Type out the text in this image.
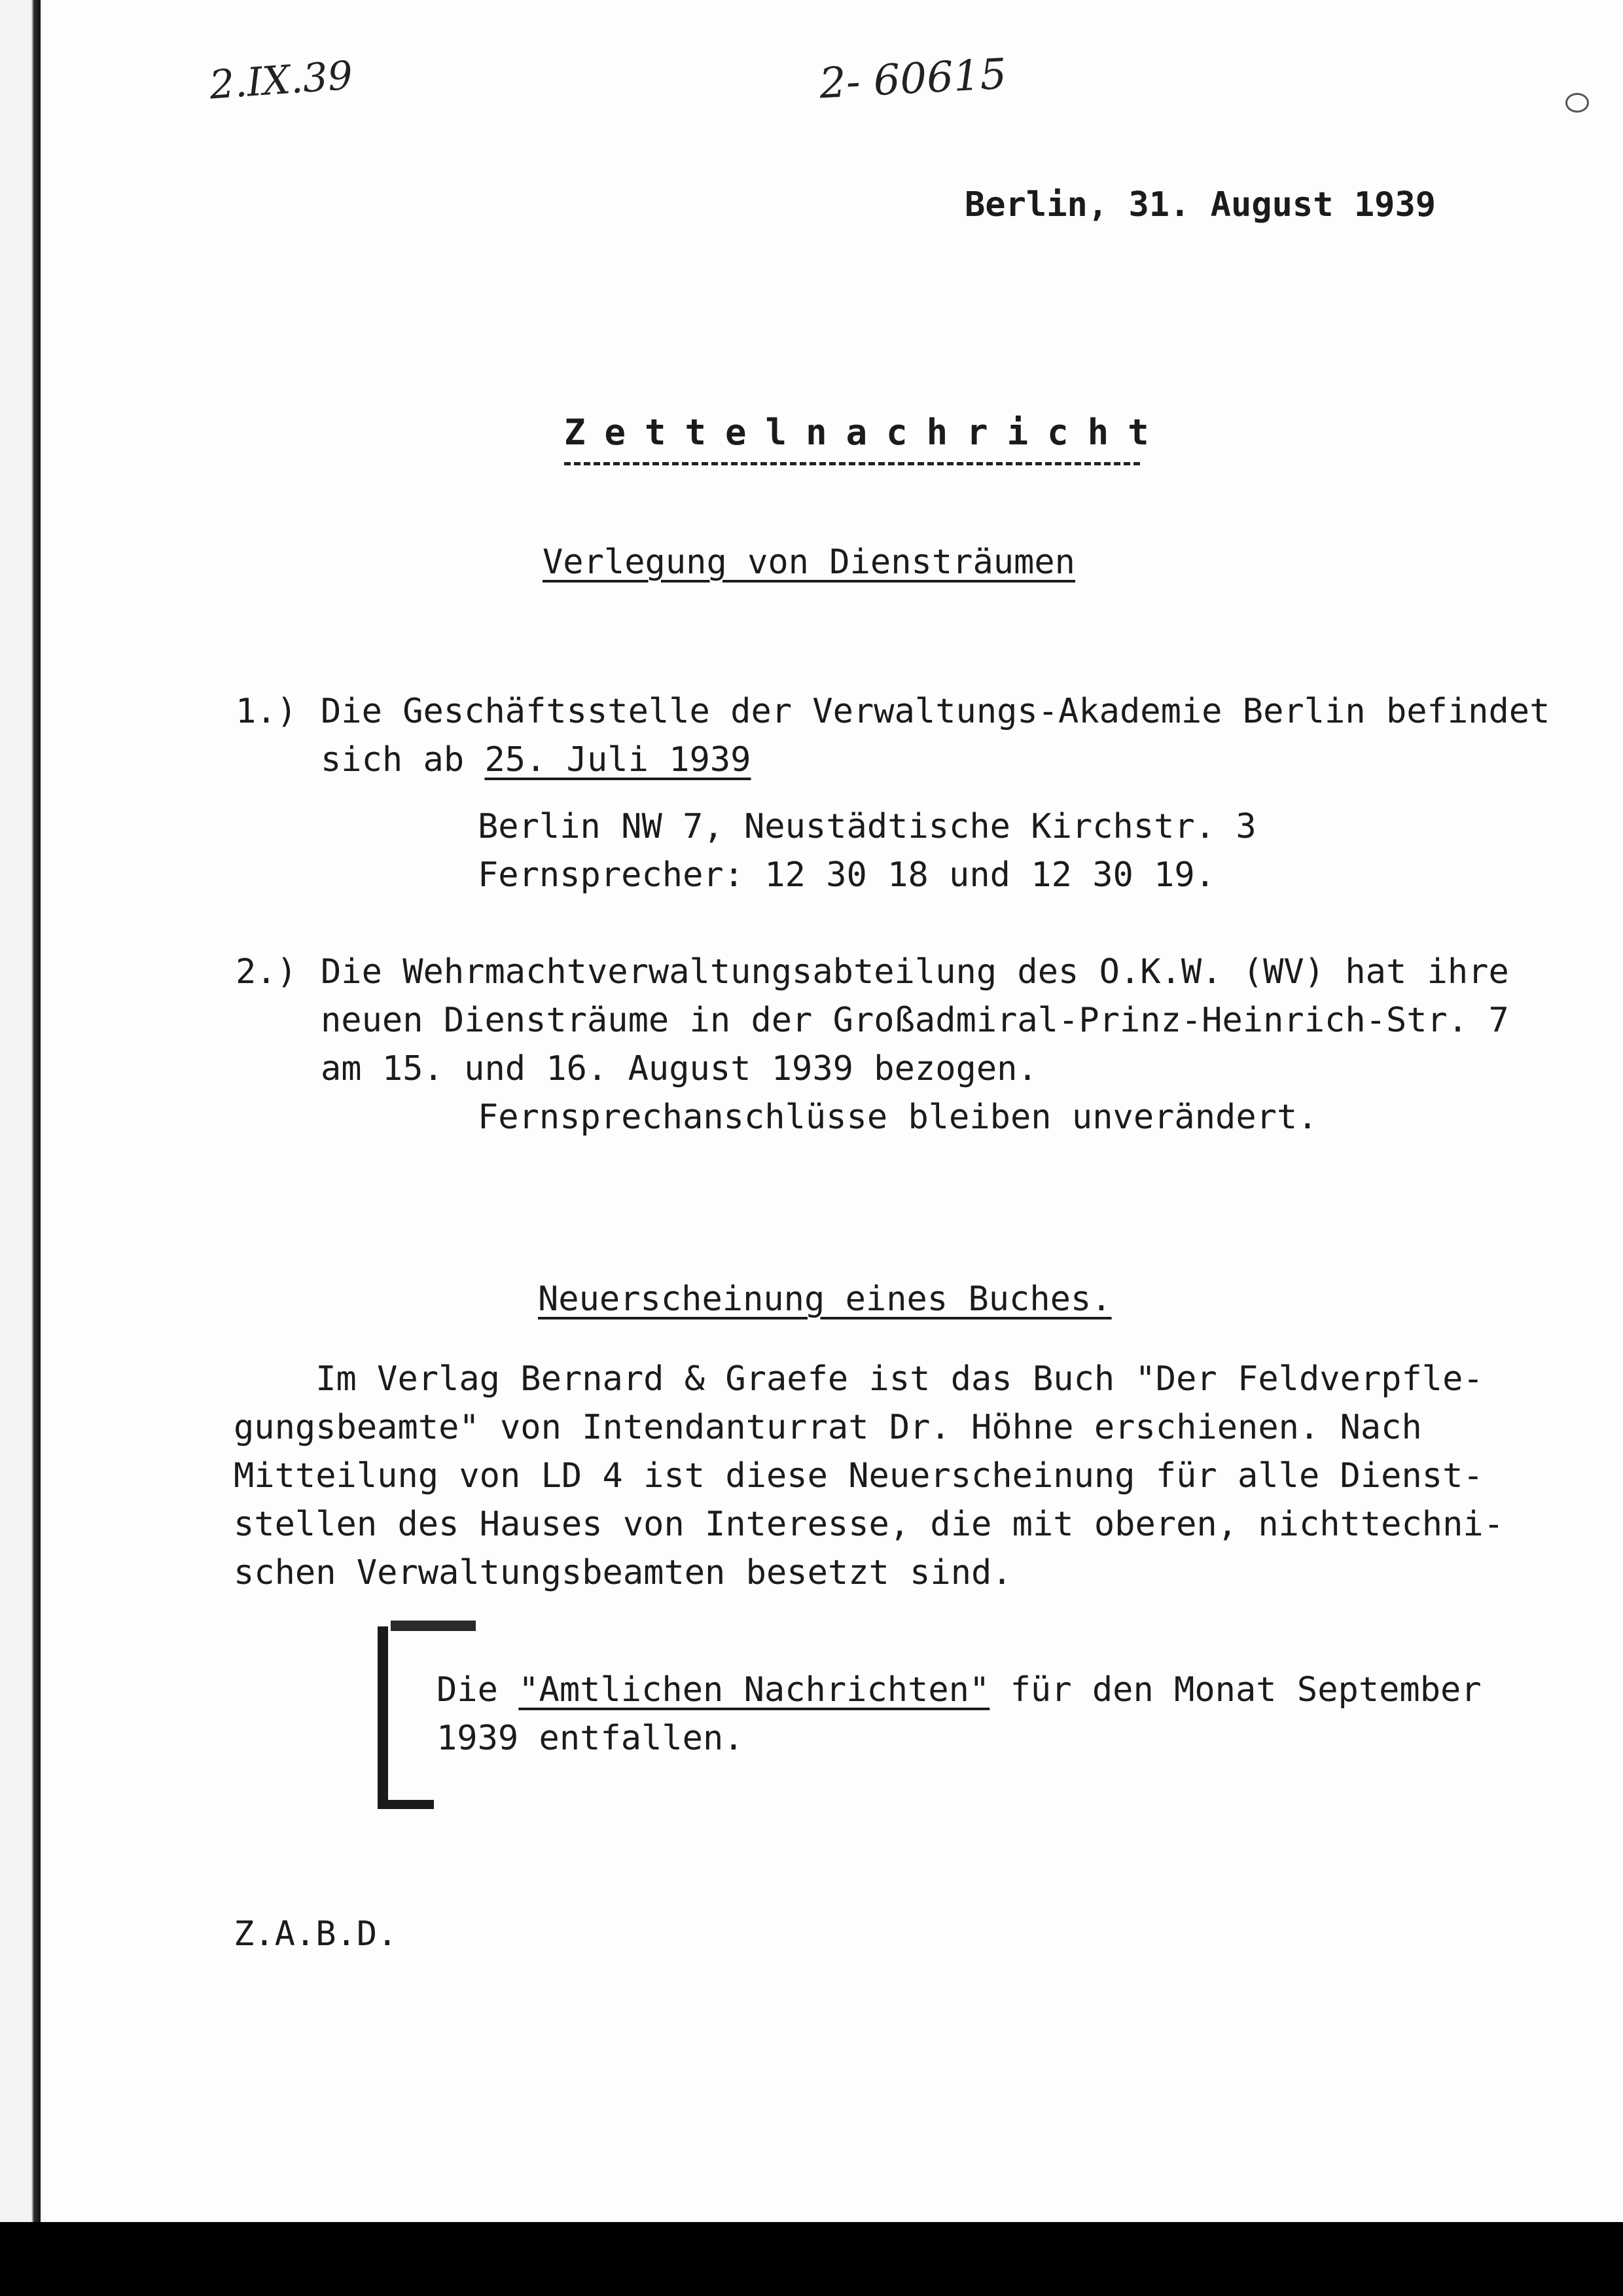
2.IX.39	2- 60615
Berlin, 31. August 1939
Zettelnachricht
Verlegung von Diensträumen
1.) Die Geschäftsstelle der Verwaltungs-Akademie Berlin befindet
sich ab 25. Juli 1939
Berlin NW 7, Neustädtische Kirchstr. 3
Fernsprecher: 12 30 18 und 12 30 19.
2.) Die Wehrmachtverwaltungsabteilung des O.K.W. (WV) hat ihre
neuen Diensträume in der Großadmiral-Prinz-Heinrich-Str. 7
am 15. und 16. August 1939 bezogen.
Fernsprechanschlüsse bleiben unverändert.
Neuerscheinung eines Buches.
Im Verlag Bernard & Graefe ist das Buch "Der Feldverpfle-
gungsbeamte" von Intendanturrat Dr. Höhne erschienen. Nach
Mitteilung von LD 4 ist diese Neuerscheinung für alle Dienst-
stellen des Hauses von Interesse, die mit oberen, nichttechni-
schen Verwaltungsbeamten besetzt sind.
Die "Amtlichen Nachrichten" für den Monat September
1939 entfallen.
Z.A.B.D.
